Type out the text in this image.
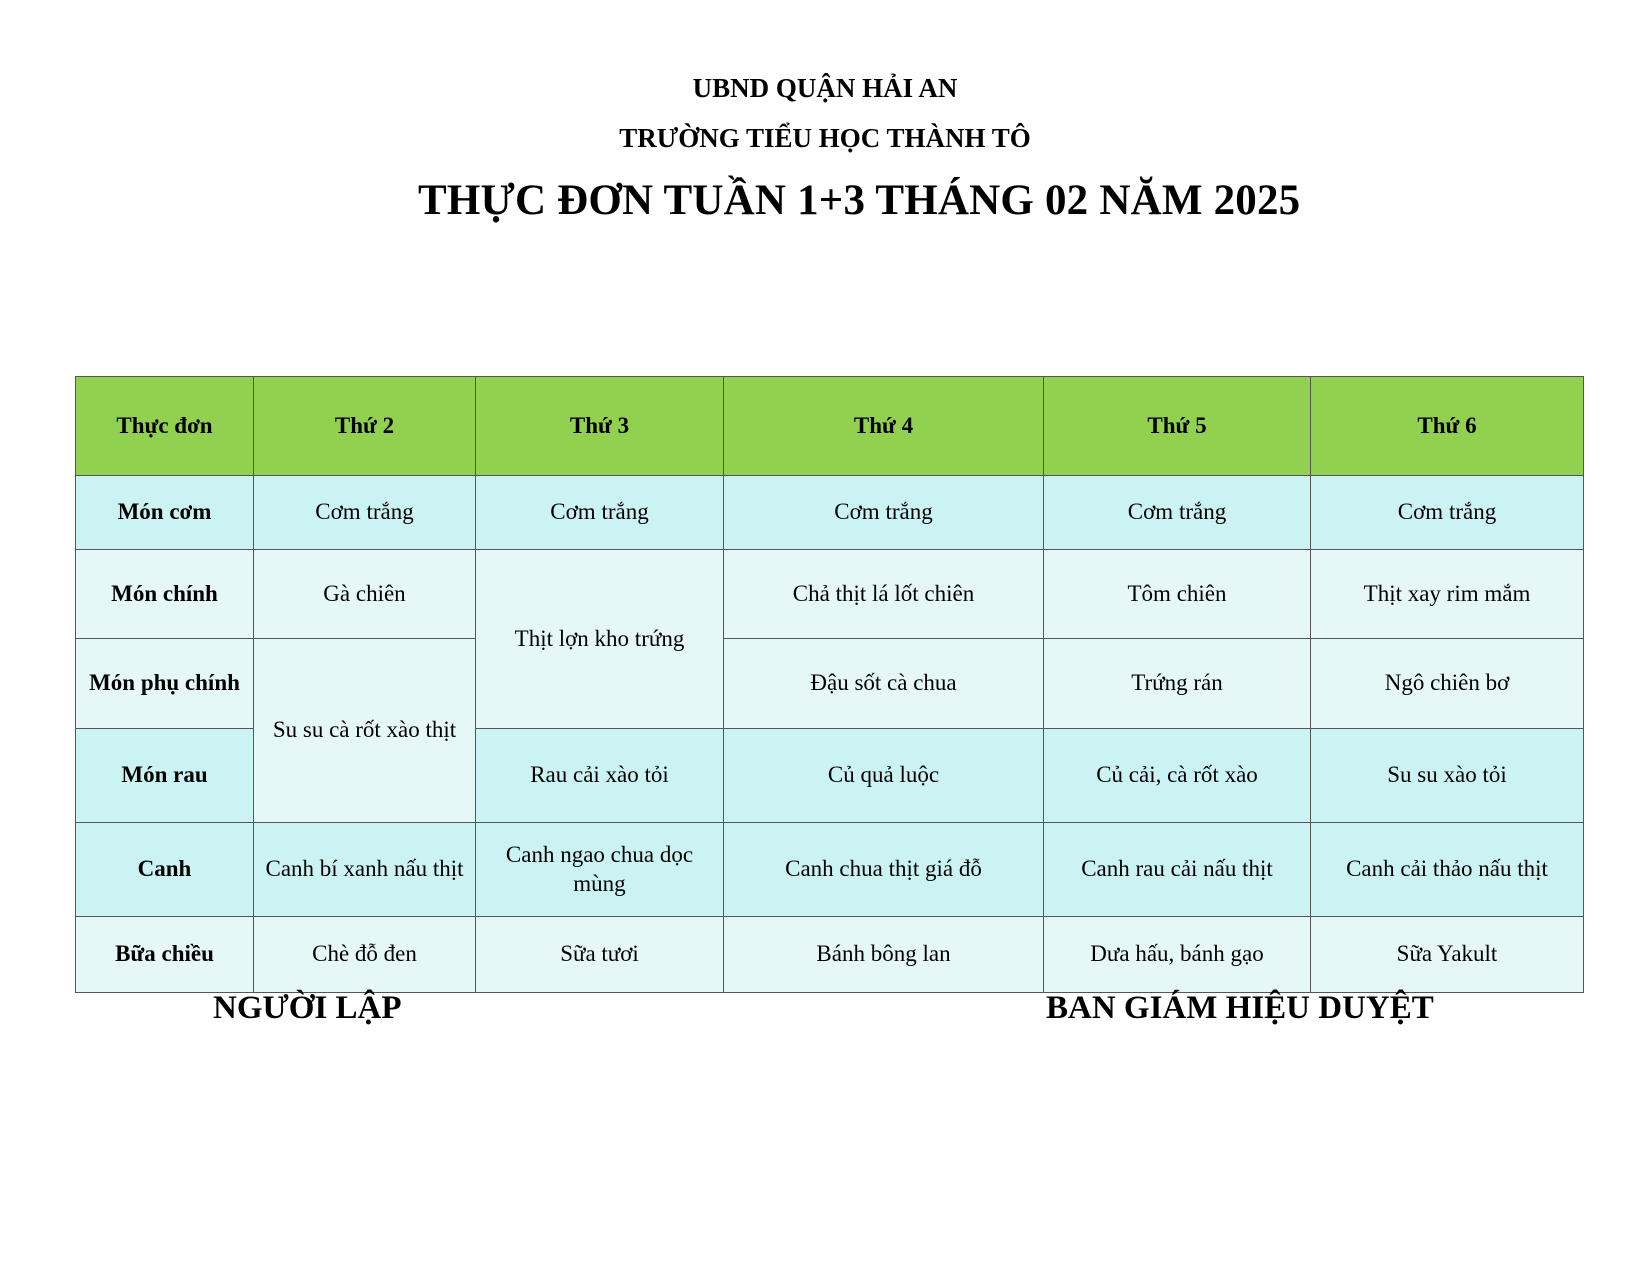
UBND QUẬN HẢI AN
TRƯỜNG TIỂU HỌC THÀNH TÔ
THỰC ĐƠN TUẦN 1+3 THÁNG 02 NĂM 2025
Thực đơn	Thứ 2	Thứ 3	Thứ 4	Thứ 5	Thứ 6
Món cơm	Cơm trắng	Cơm trắng	Cơm trắng	Cơm trắng	Cơm trắng
Món chính	Gà chiên	Thịt lợn kho trứng	Chả thịt lá lốt chiên	Tôm chiên	Thịt xay rim mắm
Món phụ chính	Su su cà rốt xào thịt		Đậu sốt cà chua	Trứng rán	Ngô chiên bơ
Món rau		Rau cải xào tỏi	Củ quả luộc	Củ cải, cà rốt xào	Su su xào tỏi
Canh	Canh bí xanh nấu thịt	Canh ngao chua dọc mùng	Canh chua thịt giá đỗ	Canh rau cải nấu thịt	Canh cải thảo nấu thịt
Bữa chiều	Chè đỗ đen	Sữa tươi	Bánh bông lan	Dưa hấu, bánh gạo	Sữa Yakult
NGƯỜI LẬP	BAN GIÁM HIỆU DUYỆT
